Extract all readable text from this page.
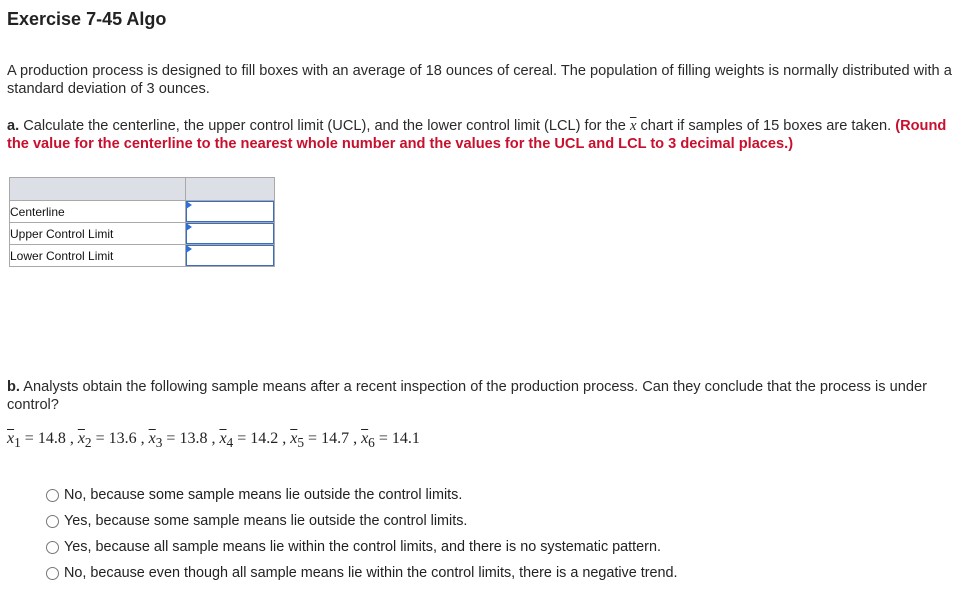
Exercise 7-45 Algo
A production process is designed to fill boxes with an average of 18 ounces of cereal. The population of filling weights is normally distributed with a standard deviation of 3 ounces.
a. Calculate the centerline, the upper control limit (UCL), and the lower control limit (LCL) for the $\overline{x}$ chart if samples of 15 boxes are taken. (Round the value for the centerline to the nearest whole number and the values for the UCL and LCL to 3 decimal places.)

Centerline	

Upper Control Limit	

Lower Control Limit	
b. Analysts obtain the following sample means after a recent inspection of the production process. Can they conclude that the process is under control?
$\overline{x}_1 = 14.8$ , $\overline{x}_2 = 13.6$ , $\overline{x}_3 = 13.8$ , $\overline{x}_4 = 14.2$ , $\overline{x}_5 = 14.7$ , $\overline{x}_6 = 14.1$
No, because some sample means lie outside the control limits.
Yes, because some sample means lie outside the control limits.
Yes, because all sample means lie within the control limits, and there is no systematic pattern.
No, because even though all sample means lie within the control limits, there is a negative trend.
